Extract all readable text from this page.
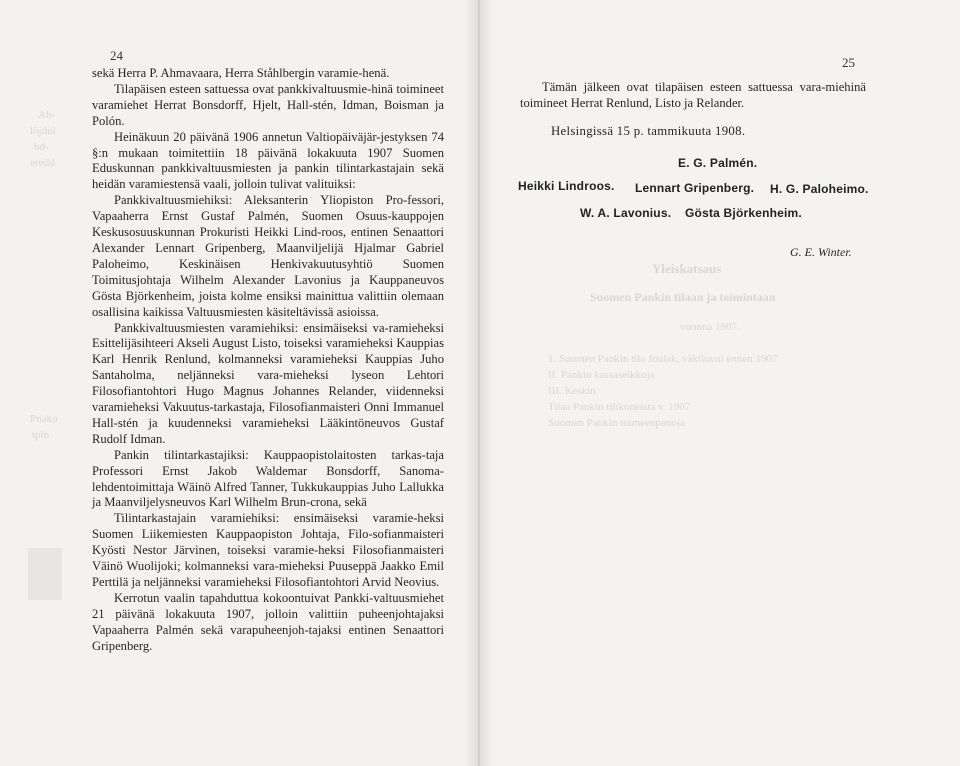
Ab-
löjdul
bd-
ereild
Pnako
tpin
Yleiskatsaus
Suomen Pankin tilaan ja toimintaan
vuonna 1907.
1. Suomen Pankin tila Joulak, väkiluvul ennen 1907
II. Pankin kassaseikkoja
III. Keskin
Tilaa Pankin tilikoneista v. 1907
Suomen Pankin toimeenpanoja
24

sekä Herra P. Ahmavaara, Herra Ståhlbergin varamie-henä.

Tilapäisen esteen sattuessa ovat pankkivaltuusmie-hinä toimineet varamiehet Herrat Bonsdorff, Hjelt, Hall-stén, Idman, Boisman ja Polón.

Heinäkuun 20 päivänä 1906 annetun Valtiopäiväjär-jestyksen 74 §:n mukaan toimitettiin 18 päivänä lokakuuta 1907 Suomen Eduskunnan pankkivaltuusmiesten ja pankin tilintarkastajain sekä heidän varamiestensä vaali, jolloin tulivat valituiksi:

Pankkivaltuusmiehiksi: Aleksanterin Yliopiston Pro-fessori, Vapaaherra Ernst Gustaf Palmén, Suomen Osuus-kauppojen Keskusosuuskunnan Prokuristi Heikki Lind-roos, entinen Senaattori Alexander Lennart Gripenberg, Maanviljelijä Hjalmar Gabriel Paloheimo, Keskinäisen Henkivakuutusyhtiö Suomen Toimitusjohtaja Wilhelm Alexander Lavonius ja Kauppaneuvos Gösta Björkenheim, joista kolme ensiksi mainittua valittiin olemaan osallisina kaikissa Valtuusmiesten käsiteltävissä asioissa.

Pankkivaltuusmiesten varamiehiksi: ensimäiseksi va-ramieheksi Esittelijäsihteeri Akseli August Listo, toiseksi varamieheksi Kauppias Karl Henrik Renlund, kolmanneksi varamieheksi Kauppias Juho Santaholma, neljänneksi vara-mieheksi lyseon Lehtori Filosofiantohtori Hugo Magnus Johannes Relander, viidenneksi varamieheksi Vakuutus-tarkastaja, Filosofianmaisteri Onni Immanuel Hall-stén ja kuudenneksi varamieheksi Lääkintöneuvos Gustaf Rudolf Idman.

Pankin tilintarkastajiksi: Kauppaopistolaitosten tarkas-taja Professori Ernst Jakob Waldemar Bonsdorff, Sanoma-lehdentoimittaja Wäinö Alfred Tanner, Tukkukauppias Juho Lallukka ja Maanviljelysneuvos Karl Wilhelm Brun-crona, sekä

Tilintarkastajain varamiehiksi: ensimäiseksi varamie-heksi Suomen Liikemiesten Kauppaopiston Johtaja, Filo-sofianmaisteri Kyösti Nestor Järvinen, toiseksi varamie-heksi Filosofianmaisteri Väinö Wuolijoki; kolmanneksi vara-mieheksi Puuseppä Jaakko Emil Perttilä ja neljänneksi varamieheksi Filosofiantohtori Arvid Neovius.

Kerrotun vaalin tapahduttua kokoontuivat Pankki-valtuusmiehet 21 päivänä lokakuuta 1907, jolloin valittiin puheenjohtajaksi Vapaaherra Palmén sekä varapuheenjoh-tajaksi entinen Senaattori Gripenberg.

25

Tämän jälkeen ovat tilapäisen esteen sattuessa vara-miehinä toimineet Herrat Renlund, Listo ja Relander.

Helsingissä 15 p. tammikuuta 1908.
E. G. Palmén.
Heikki Lindroos. Lennart Gripenberg. H. G. Paloheimo.
W. A. Lavonius. Gösta Björkenheim.
G. E. Winter.
